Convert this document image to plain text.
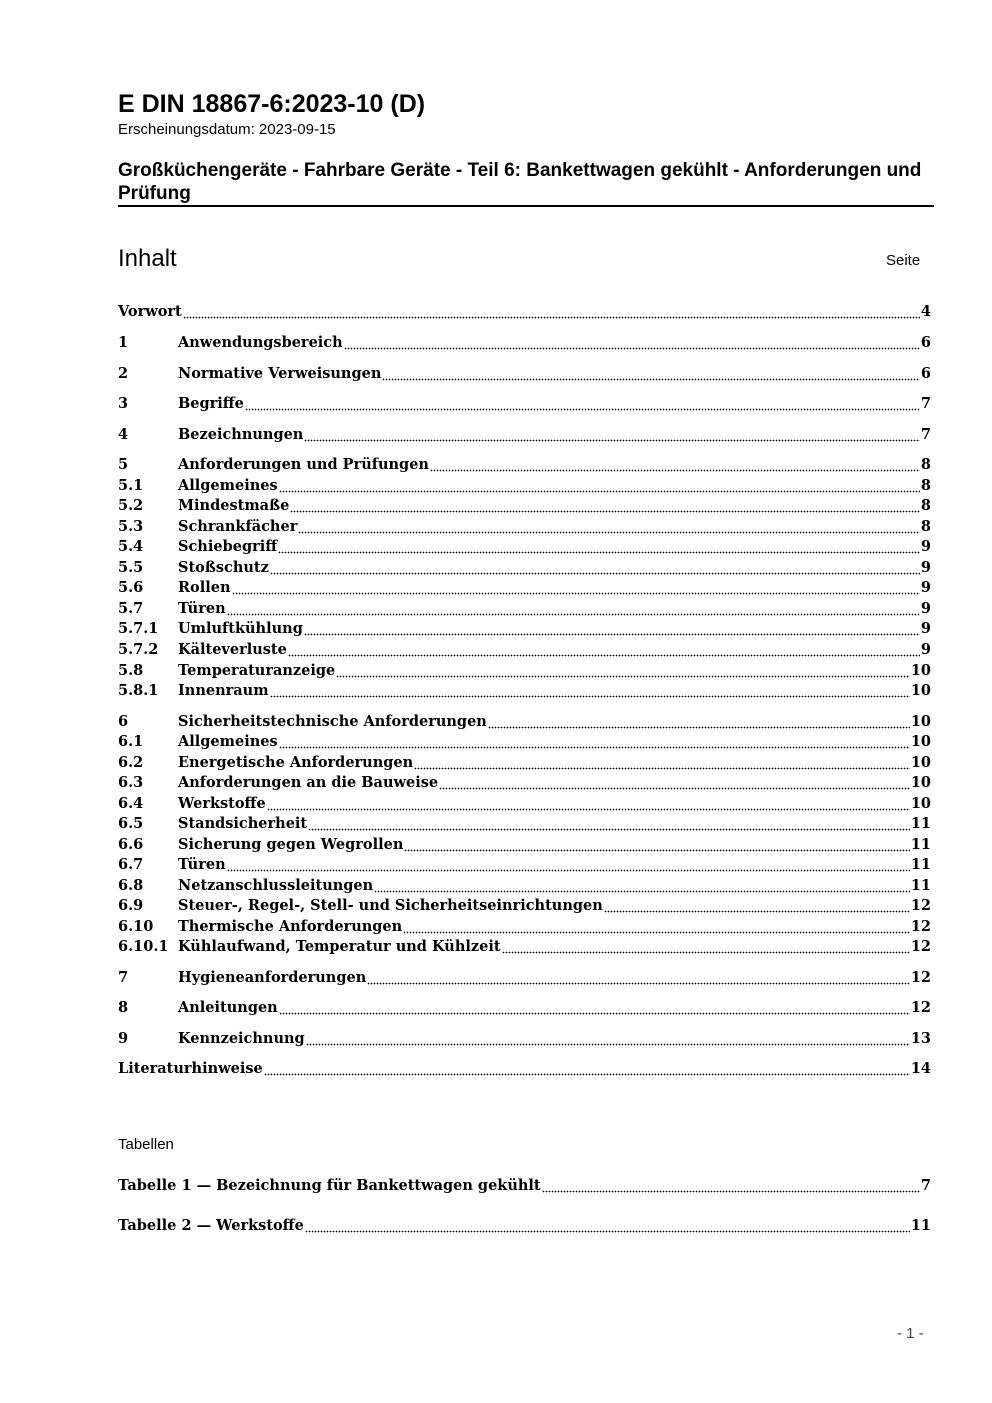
E DIN 18867-6:2023-10 (D)
Erscheinungsdatum: 2023-09-15
Großküchengeräte - Fahrbare Geräte - Teil 6: Bankettwagen gekühlt - Anforderungen und Prüfung
Inhalt	Seite
Vorwort	4
1	Anwendungsbereich	6
2	Normative Verweisungen	6
3	Begriffe	7
4	Bezeichnungen	7
5	Anforderungen und Prüfungen	8
5.1	Allgemeines	8
5.2	Mindestmaße	8
5.3	Schrankfächer	8
5.4	Schiebegriff	9
5.5	Stoßschutz	9
5.6	Rollen	9
5.7	Türen	9
5.7.1	Umluftkühlung	9
5.7.2	Kälteverluste	9
5.8	Temperaturanzeige	10
5.8.1	Innenraum	10
6	Sicherheitstechnische Anforderungen	10
6.1	Allgemeines	10
6.2	Energetische Anforderungen	10
6.3	Anforderungen an die Bauweise	10
6.4	Werkstoffe	10
6.5	Standsicherheit	11
6.6	Sicherung gegen Wegrollen	11
6.7	Türen	11
6.8	Netzanschlussleitungen	11
6.9	Steuer-, Regel-, Stell- und Sicherheitseinrichtungen	12
6.10	Thermische Anforderungen	12
6.10.1 Kühlaufwand, Temperatur und Kühlzeit	12
7	Hygieneanforderungen	12
8	Anleitungen	12
9	Kennzeichnung	13
Literaturhinweise	14
Tabellen
Tabelle 1 — Bezeichnung für Bankettwagen gekühlt	7
Tabelle 2 — Werkstoffe	11
- 1 -
